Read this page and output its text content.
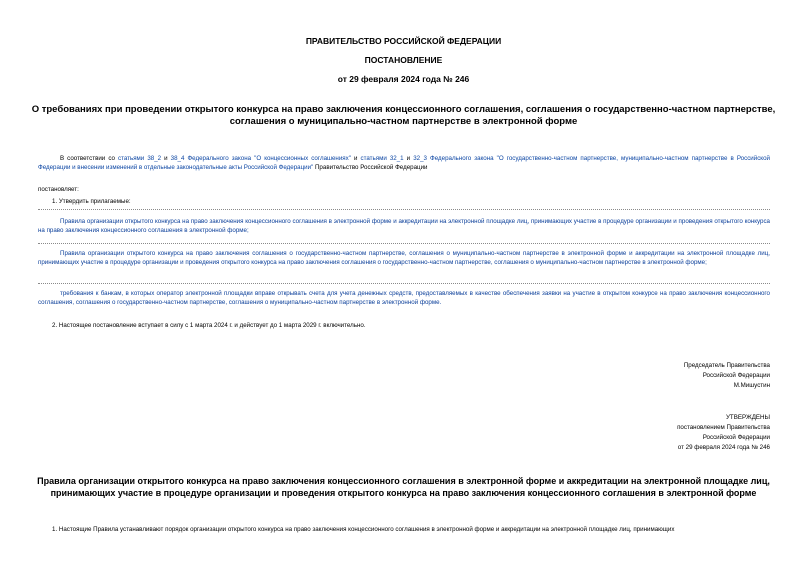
ПРАВИТЕЛЬСТВО РОССИЙСКОЙ ФЕДЕРАЦИИ
ПОСТАНОВЛЕНИЕ
от 29 февраля 2024 года № 246
О требованиях при проведении открытого конкурса на право заключения концессионного соглашения, соглашения о государственно-частном партнерстве,
соглашения о муниципально-частном партнерстве в электронной форме
В соответствии со статьями 38_2 и 38_4 Федерального закона "О концессионных соглашениях" и статьями 32_1 и 32_3 Федерального закона "О государственно-частном партнерстве, муниципально-частном партнерстве в Российской Федерации и внесении изменений в отдельные законодательные акты Российской Федерации" Правительство Российской Федерации
постановляет:
1. Утвердить прилагаемые:
Правила организации открытого конкурса на право заключения концессионного соглашения в электронной форме и аккредитации на электронной площадке лиц, принимающих участие в процедуре организации и проведения открытого конкурса на право заключения концессионного соглашения в электронной форме;
Правила организации открытого конкурса на право заключения соглашения о государственно-частном партнерстве, соглашения о муниципально-частном партнерстве в электронной форме и аккредитации на электронной площадке лиц, принимающих участие в процедуре организации и проведения открытого конкурса на право заключения соглашения о государственно-частном партнерстве, соглашения о муниципально-частном партнерстве в электронной форме;
требования к банкам, в которых оператор электронной площадки вправе открывать счета для учета денежных средств, предоставляемых в качестве обеспечения заявки на участие в открытом конкурсе на право заключения концессионного соглашения, соглашения о государственно-частном партнерстве, соглашения о муниципально-частном партнерстве в электронной форме.
2. Настоящее постановление вступает в силу с 1 марта 2024 г. и действует до 1 марта 2029 г. включительно.
Председатель Правительства
Российской Федерации
М.Мишустин
УТВЕРЖДЕНЫ
постановлением Правительства
Российской Федерации
от 29 февраля 2024 года № 246
Правила организации открытого конкурса на право заключения концессионного соглашения в электронной форме и аккредитации на электронной площадке лиц,
принимающих участие в процедуре организации и проведения открытого конкурса на право заключения концессионного соглашения в электронной форме
1. Настоящие Правила устанавливают порядок организации открытого конкурса на право заключения концессионного соглашения в электронной форме и аккредитации на электронной площадке лиц, принимающих
